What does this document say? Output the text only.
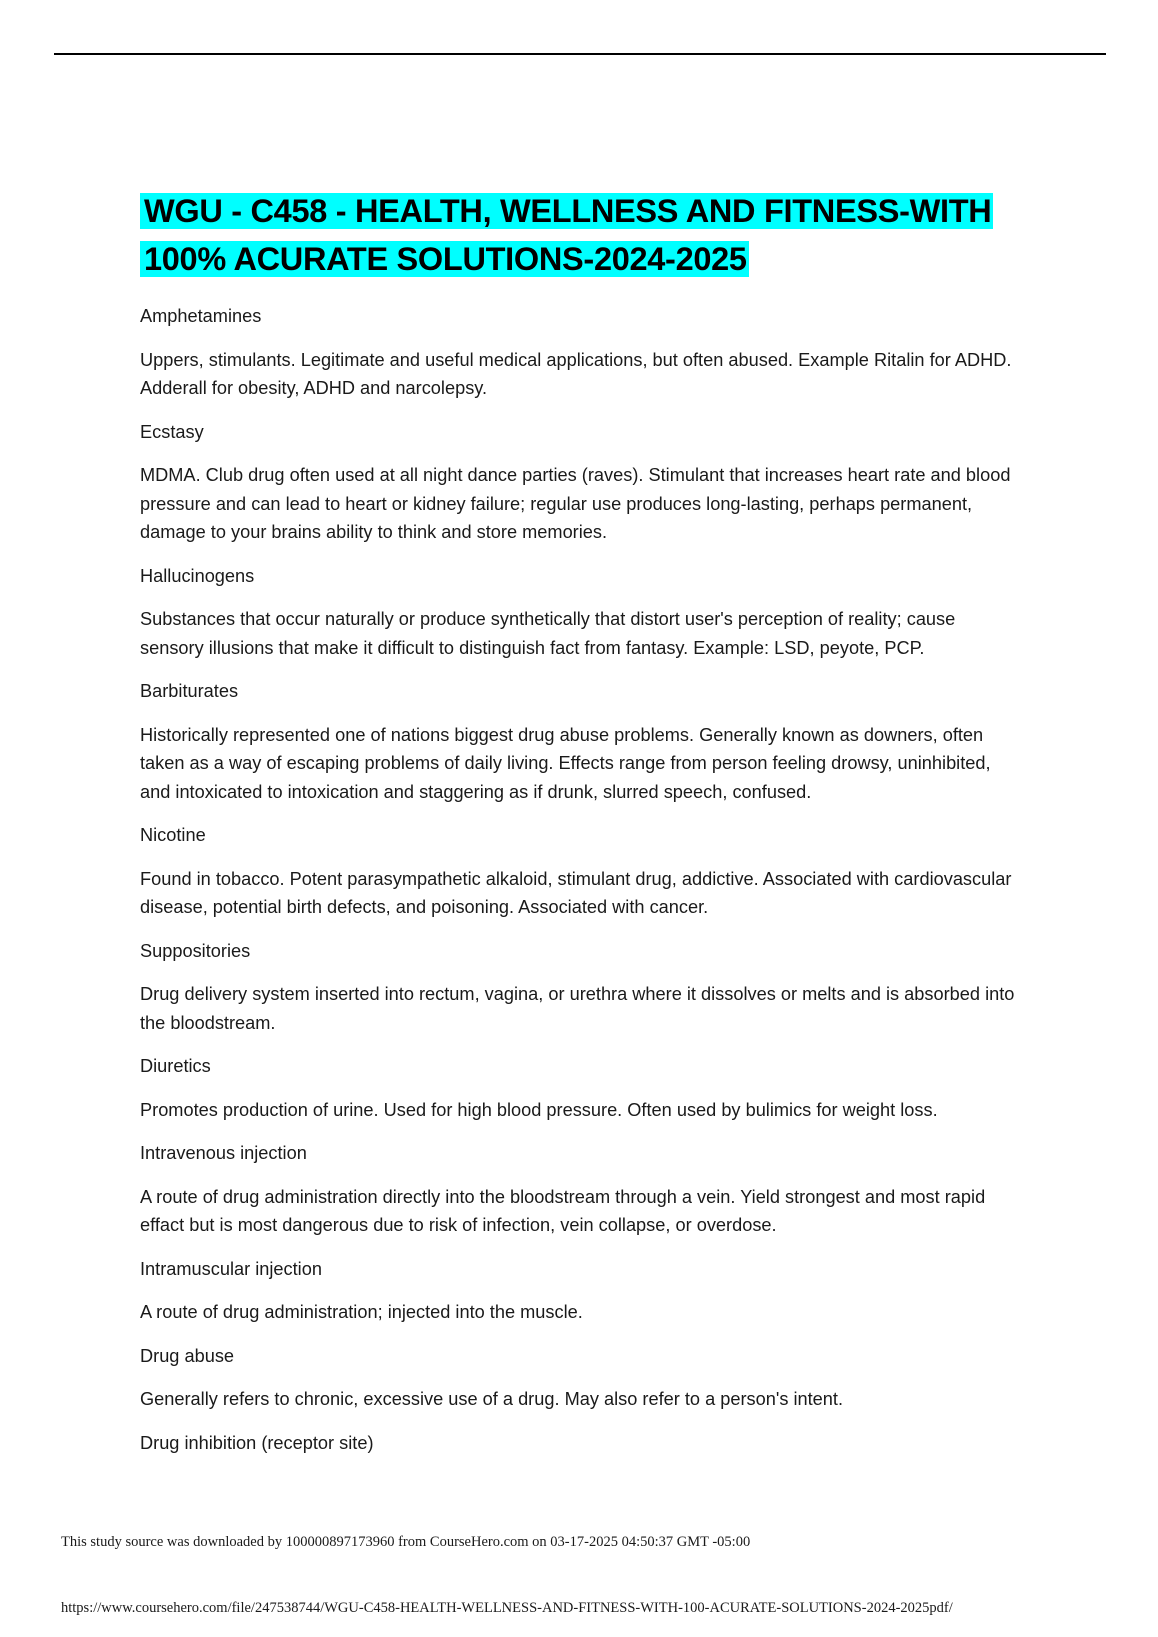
WGU - C458 - HEALTH, WELLNESS AND FITNESS-WITH
100% ACURATE SOLUTIONS-2024-2025

Amphetamines

Uppers, stimulants. Legitimate and useful medical applications, but often abused. Example Ritalin for ADHD. Adderall for obesity, ADHD and narcolepsy.

Ecstasy

MDMA. Club drug often used at all night dance parties (raves). Stimulant that increases heart rate and blood pressure and can lead to heart or kidney failure; regular use produces long-lasting, perhaps permanent, damage to your brains ability to think and store memories.

Hallucinogens

Substances that occur naturally or produce synthetically that distort user's perception of reality; cause sensory illusions that make it difficult to distinguish fact from fantasy. Example: LSD, peyote, PCP.

Barbiturates

Historically represented one of nations biggest drug abuse problems. Generally known as downers, often taken as a way of escaping problems of daily living. Effects range from person feeling drowsy, uninhibited, and intoxicated to intoxication and staggering as if drunk, slurred speech, confused.

Nicotine

Found in tobacco. Potent parasympathetic alkaloid, stimulant drug, addictive. Associated with cardiovascular disease, potential birth defects, and poisoning. Associated with cancer.

Suppositories

Drug delivery system inserted into rectum, vagina, or urethra where it dissolves or melts and is absorbed into the bloodstream.

Diuretics

Promotes production of urine. Used for high blood pressure. Often used by bulimics for weight loss.

Intravenous injection

A route of drug administration directly into the bloodstream through a vein. Yield strongest and most rapid effact but is most dangerous due to risk of infection, vein collapse, or overdose.

Intramuscular injection

A route of drug administration; injected into the muscle.

Drug abuse

Generally refers to chronic, excessive use of a drug. May also refer to a person's intent.

Drug inhibition (receptor site)

This study source was downloaded by 100000897173960 from CourseHero.com on 03-17-2025 04:50:37 GMT -05:00
https://www.coursehero.com/file/247538744/WGU-C458-HEALTH-WELLNESS-AND-FITNESS-WITH-100-ACURATE-SOLUTIONS-2024-2025pdf/
